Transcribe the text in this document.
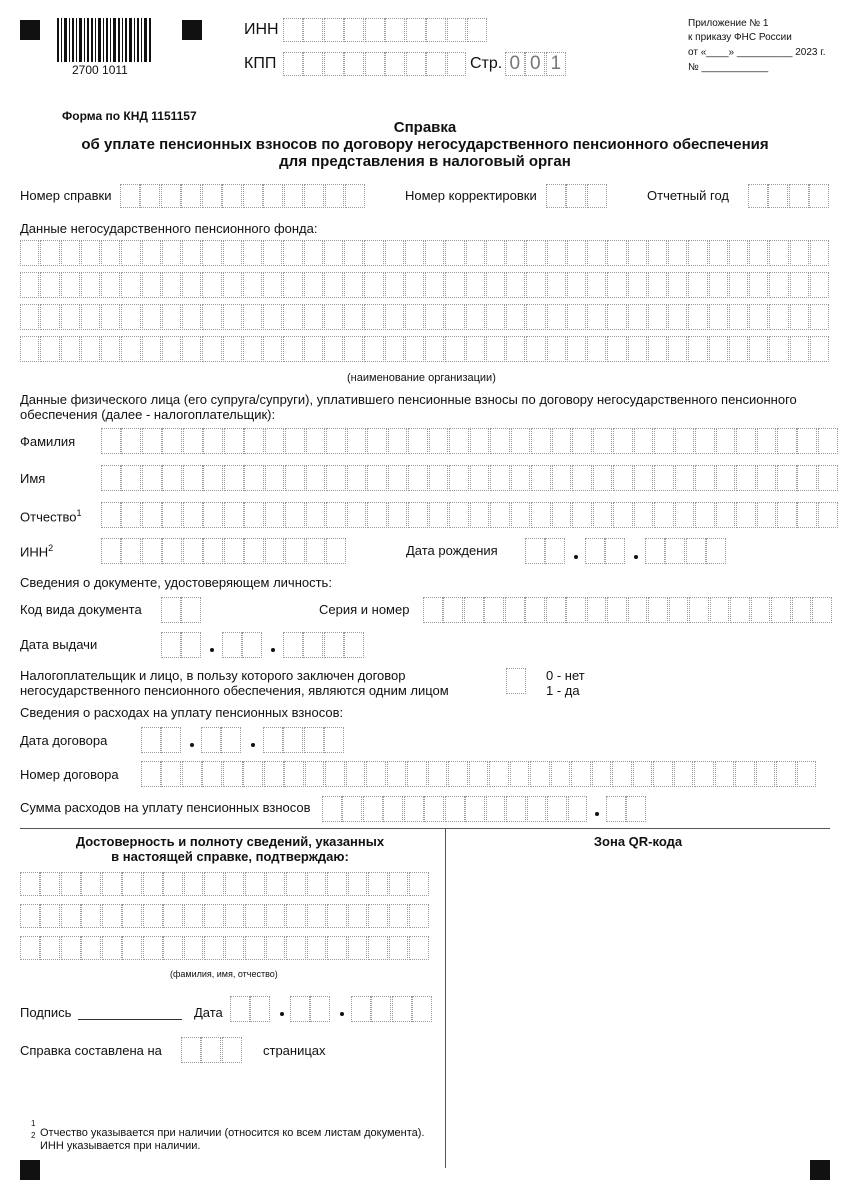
2700 1011
ИНН
КПП	Стр. 0 0 1
Приложение № 1
к приказу ФНС России
от «____» __________ 2023 г.
№ ____________
Форма по КНД 1151157
Справка
об уплате пенсионных взносов по договору негосударственного пенсионного обеспечения
для представления в налоговый орган
Номер справки	Номер корректировки	Отчетный год
Данные негосударственного пенсионного фонда:
(наименование организации)
Данные физического лица (его супруга/супруги), уплатившего пенсионные взносы по договору негосударственного пенсионного
обеспечения (далее - налогоплательщик):
Фамилия
Имя
Отчество$^1$
ИНН$^2$	Дата рождения
Сведения о документе, удостоверяющем личность:
Код вида документа	Серия и номер
Дата выдачи
Налогоплательщик и лицо, в пользу которого заключен договор
негосударственного пенсионного обеспечения, являются одним лицом
0 - нет
1 - да
Сведения о расходах на уплату пенсионных взносов:
Дата договора
Номер договора
Сумма расходов на уплату пенсионных взносов
Достоверность и полноту сведений, указанных
в настоящей справке, подтверждаю:
(фамилия, имя, отчество)
Подпись	Дата
Справка составлена на	страницах
Зона QR-кода
1
2 Отчество указывается при наличии (относится ко всем листам документа).
ИНН указывается при наличии.
